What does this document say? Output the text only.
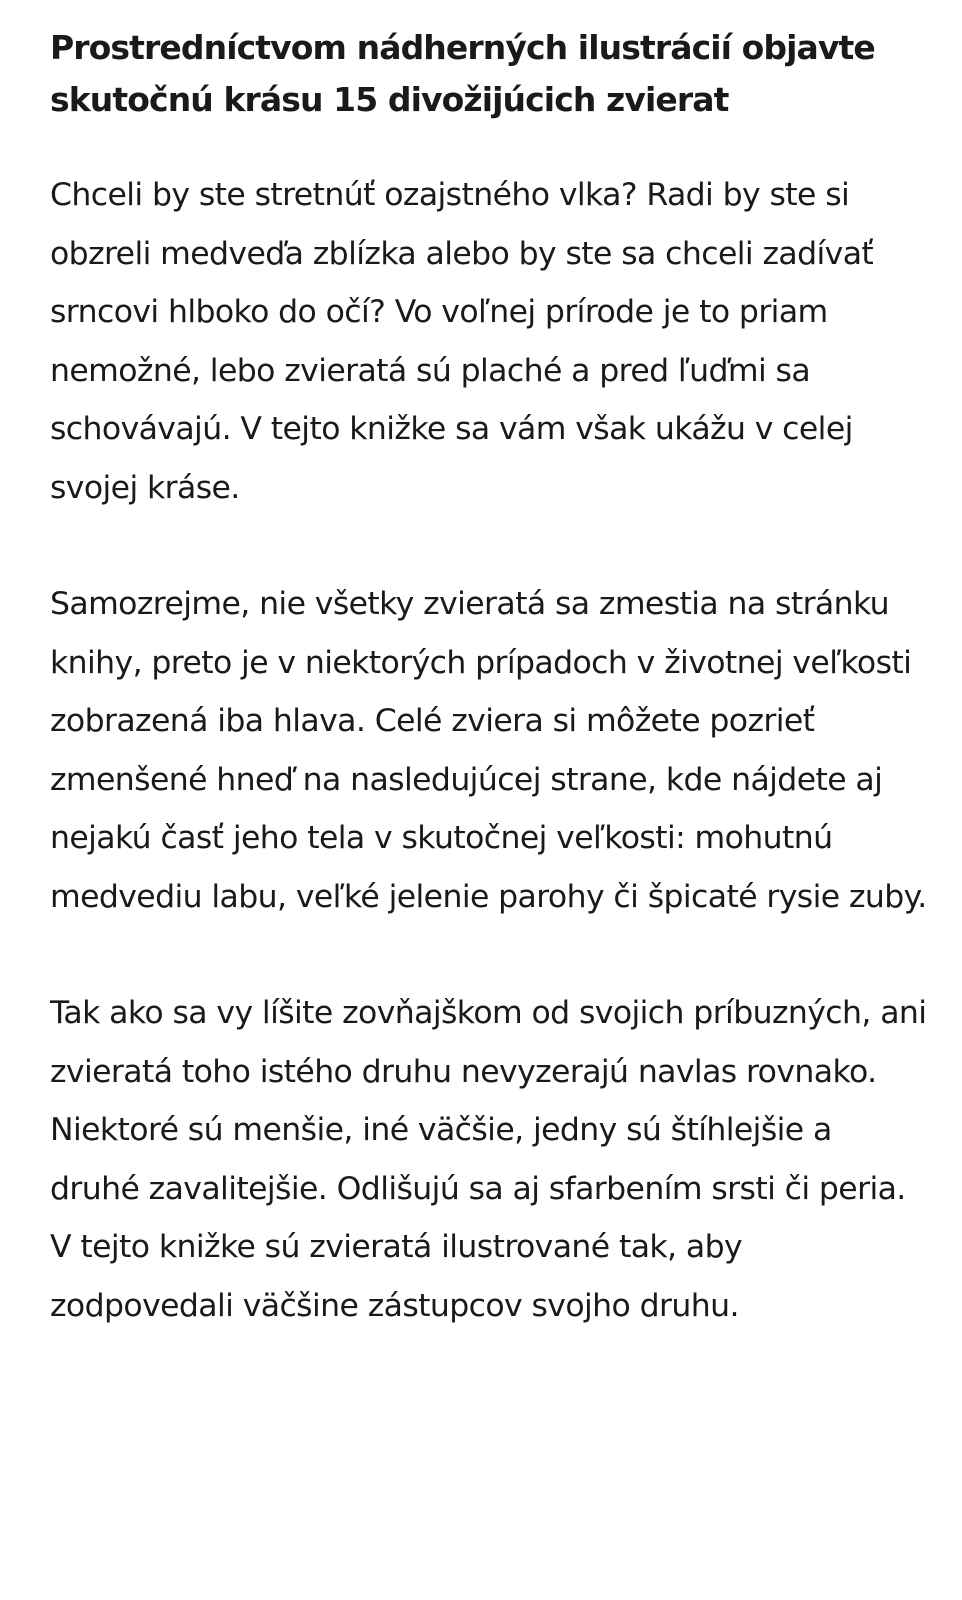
Prostredníctvom nádherných ilustrácií objavte skutočnú krásu 15 divožijúcich zvierat

Chceli by ste stretnúť ozajstného vlka? Radi by ste si obzreli medveďa zblízka alebo by ste sa chceli zadívať srncovi hlboko do očí? Vo voľnej prírode je to priam nemožné, lebo zvieratá sú plaché a pred ľuďmi sa schovávajú. V tejto knižke sa vám však ukážu v celej svojej kráse.

Samozrejme, nie všetky zvieratá sa zmestia na stránku knihy, preto je v niektorých prípadoch v životnej veľkosti zobrazená iba hlava. Celé zviera si môžete pozrieť zmenšené hneď na nasledujúcej strane, kde nájdete aj nejakú časť jeho tela v skutočnej veľkosti: mohutnú medvediu labu, veľké jelenie parohy či špicaté rysie zuby.

Tak ako sa vy líšite zovňajškom od svojich príbuzných, ani zvieratá toho istého druhu nevyzerajú navlas rovnako. Niektoré sú menšie, iné väčšie, jedny sú štíhlejšie a druhé zavalitejšie. Odlišujú sa aj sfarbením srsti či peria. V tejto knižke sú zvieratá ilustrované tak, aby zodpovedali väčšine zástupcov svojho druhu.
